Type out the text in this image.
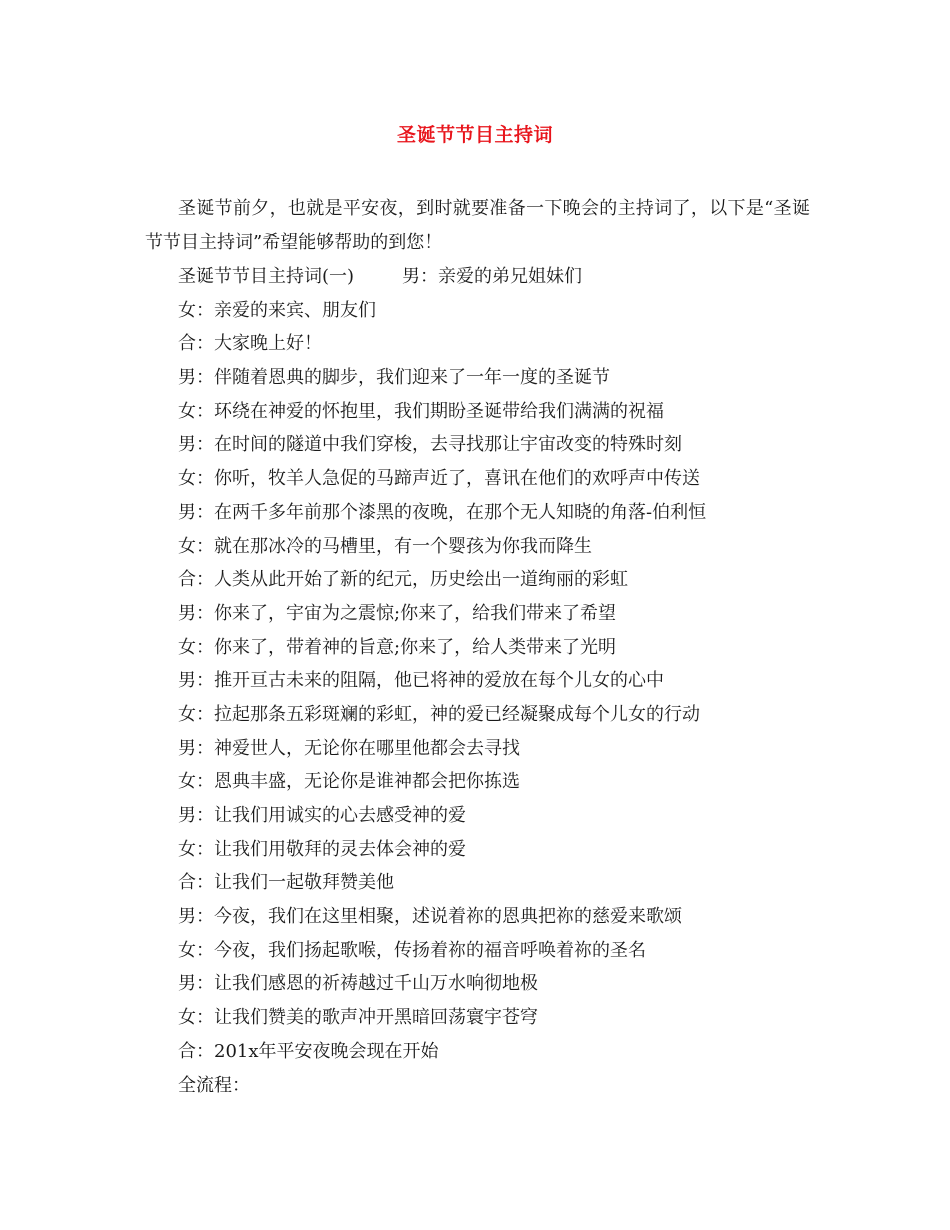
圣诞节节目主持词

圣诞节前夕，也就是平安夜，到时就要准备一下晚会的主持词了，以下是“圣诞节节目主持词”希望能够帮助的到您！

圣诞节节目主持词(一)	男：亲爱的弟兄姐妹们
女：亲爱的来宾、朋友们
合：大家晚上好！
男：伴随着恩典的脚步，我们迎来了一年一度的圣诞节
女：环绕在神爱的怀抱里，我们期盼圣诞带给我们满满的祝福
男：在时间的隧道中我们穿梭，去寻找那让宇宙改变的特殊时刻
女：你听，牧羊人急促的马蹄声近了，喜讯在他们的欢呼声中传送
男：在两千多年前那个漆黑的夜晚，在那个无人知晓的角落-伯利恒
女：就在那冰冷的马槽里，有一个婴孩为你我而降生
合：人类从此开始了新的纪元，历史绘出一道绚丽的彩虹
男：你来了，宇宙为之震惊;你来了，给我们带来了希望
女：你来了，带着神的旨意;你来了，给人类带来了光明
男：推开亘古未来的阻隔，他已将神的爱放在每个儿女的心中
女：拉起那条五彩斑斓的彩虹，神的爱已经凝聚成每个儿女的行动
男：神爱世人，无论你在哪里他都会去寻找
女：恩典丰盛，无论你是谁神都会把你拣选
男：让我们用诚实的心去感受神的爱
女：让我们用敬拜的灵去体会神的爱
合：让我们一起敬拜赞美他
男：今夜，我们在这里相聚，述说着祢的恩典把祢的慈爱来歌颂
女：今夜，我们扬起歌喉，传扬着祢的福音呼唤着祢的圣名
男：让我们感恩的祈祷越过千山万水响彻地极
女：让我们赞美的歌声冲开黑暗回荡寰宇苍穹
合：201x年平安夜晚会现在开始
全流程：
